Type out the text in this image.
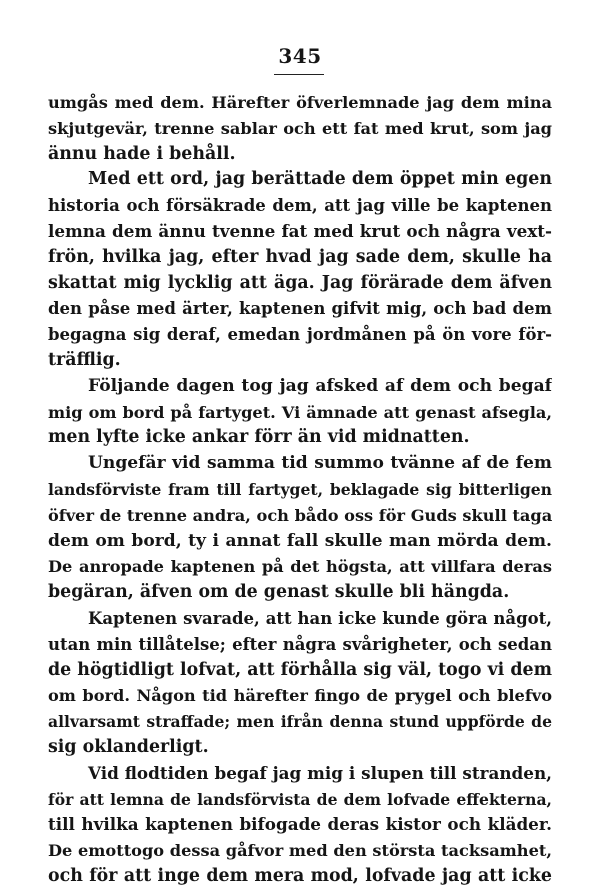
345
umgås med dem. Härefter öfverlemnade jag dem mina
skjutgevär, trenne sablar och ett fat med krut, som jag
ännu hade i behåll.
Med ett ord, jag berättade dem öppet min egen
historia och försäkrade dem, att jag ville be kaptenen
lemna dem ännu tvenne fat med krut och några vext-
frön, hvilka jag, efter hvad jag sade dem, skulle ha
skattat mig lycklig att äga. Jag förärade dem äfven
den påse med ärter, kaptenen gifvit mig, och bad dem
begagna sig deraf, emedan jordmånen på ön vore för-
träfflig.
Följande dagen tog jag afsked af dem och begaf
mig om bord på fartyget. Vi ämnade att genast afsegla,
men lyfte icke ankar förr än vid midnatten.
Ungefär vid samma tid summo tvänne af de fem
landsförviste fram till fartyget, beklagade sig bitterligen
öfver de trenne andra, och bådo oss för Guds skull taga
dem om bord, ty i annat fall skulle man mörda dem.
De anropade kaptenen på det högsta, att villfara deras
begäran, äfven om de genast skulle bli hängda.
Kaptenen svarade, att han icke kunde göra något,
utan min tillåtelse; efter några svårigheter, och sedan
de högtidligt lofvat, att förhålla sig väl, togo vi dem
om bord. Någon tid härefter fingo de prygel och blefvo
allvarsamt straffade; men ifrån denna stund uppförde de
sig oklanderligt.
Vid flodtiden begaf jag mig i slupen till stranden,
för att lemna de landsförvista de dem lofvade effekterna,
till hvilka kaptenen bifogade deras kistor och kläder.
De emottogo dessa gåfvor med den största tacksamhet,
och för att inge dem mera mod, lofvade jag att icke
